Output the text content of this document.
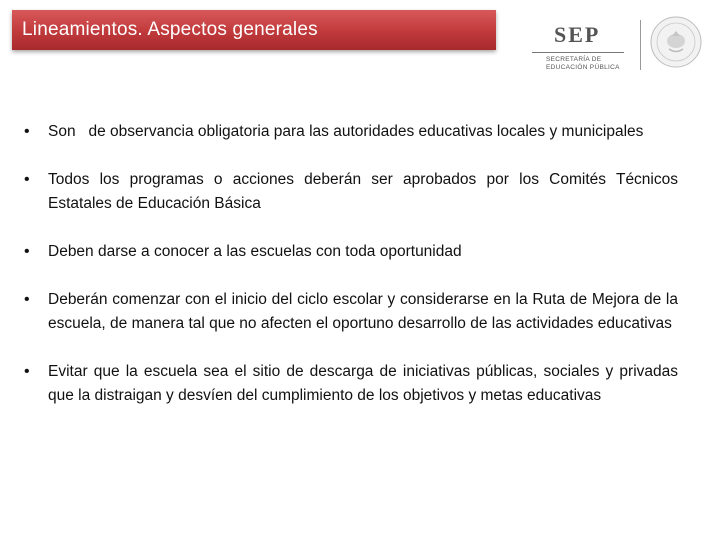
Lineamientos. Aspectos generales	SEP
SECRETARÍA DE
EDUCACIÓN PÚBLICA
•	Son   de observancia obligatoria para las autoridades educativas locales y municipales
•	Todos los programas o acciones deberán ser aprobados por los Comités Técnicos Estatales de Educación Básica
•	Deben darse a conocer a las escuelas con toda oportunidad
•	Deberán comenzar con el inicio del ciclo escolar y considerarse en la Ruta de Mejora de la escuela, de manera tal que no afecten el oportuno desarrollo de las actividades educativas
•	Evitar que la escuela sea el sitio de descarga de iniciativas públicas, sociales y privadas que la distraigan y desvíen del cumplimiento de los objetivos y metas educativas
